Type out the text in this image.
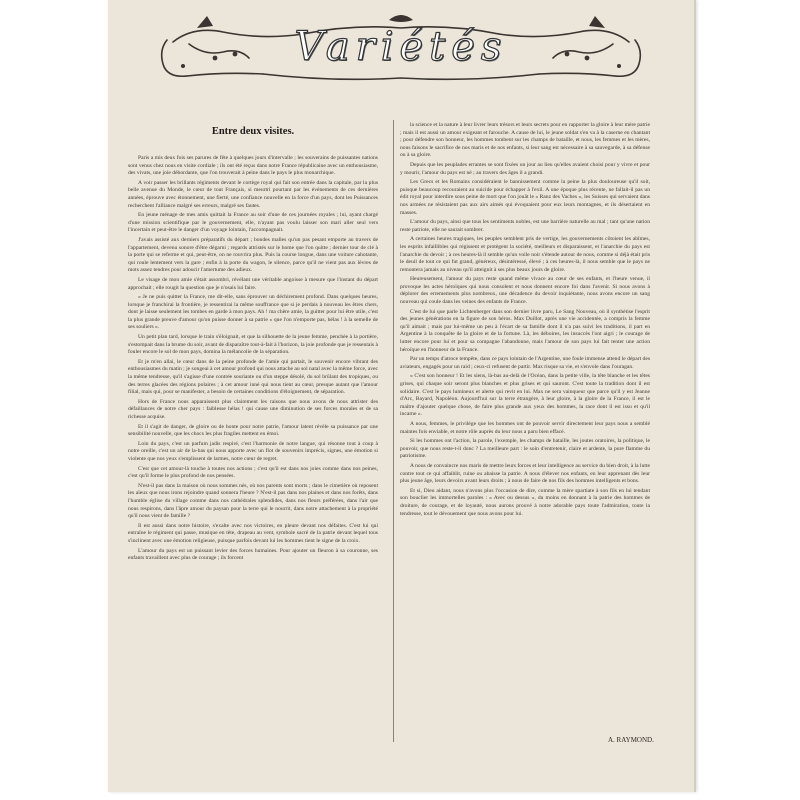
Variétés
Entre deux visites.

Paris a mis deux fois ses parures de fête à quelques jours d'intervalle ; les souverains de puissantes nations sont venus chez nous en visite cordiale ; ils ont été reçus dans notre France républicaine avec un enthousiasme, des vivats, une joie débordante, que l'on trouverait à peine dans le pays le plus monarchique.

A voir passer les brillants régiments devant le cortège royal qui fait son entrée dans la capitale, par la plus belle avenue du Monde, le cœur de tout Français, si meurtri pourtant par les événements de ces dernières années, éprouve avec étonnement, une fierté, une confiance nouvelle en la force d'un pays, dont les Puissances recherchent l'alliance malgré ses erreurs, malgré ses fautes.

En jeune ménage de mes amis quittait la France au soir d'une de ces journées royales ; lui, ayant chargé d'une mission scientifique par le gouvernement, elle, n'ayant pas voulu laisser son mari aller seul vers l'incertain et peut-être le danger d'un voyage lointain, l'accompagnait.

J'avais assisté aux derniers préparatifs du départ ; bondes malles qu'un pas pesant emporte au travers de l'appartement, devenu sonore d'être dégarni ; regards attristés sur le home que l'on quitte ; dernier tour de clé à la porte qui se referme et qui, peut-être, on ne rouvrira plus. Puis la course longue, dans une voiture cahotante, qui roule lentement vers la gare ; enfin à la porte du wagon, le silence, parce qu'il ne vient pas aux lèvres de mots assez tendres pour adoucir l'amertume des adieux.

Le visage de mon amie s'était assombri, révélant une véritable angoisse à mesure que l'instant du départ approchait ; elle rougit la question que je n'osais lui faire.

« Je ne puis quitter la France, me dit-elle, sans éprouver un déchirement profond. Dans quelques heures, lorsque je franchirai la frontière, je ressentirai la même souffrance que si je perdais à nouveau les êtres chers, dont je laisse seulement les tombes en garde à mon pays. Ah ! ma chère amie, la guitter pour lui être utile, c'est la plus grande preuve d'amour qu'on puisse donner à sa patrie « que l'on n'emporte pas, hélas ! à la semelle de ses souliers ».

Un petit plan tard, lorsque le train s'éloignait, et que la silhouette de la jeune femme, penchée à la portière, s'estompait dans la brume du soir, avant de disparaître tout-à-fait à l'horizon, la joie profonde que je ressentais à fouler encore le sol de mon pays, domina la mélancolie de la séparation.

Et je m'en allai, le cœur dans de la peine profonde de l'amie qui partait, le souvenir encore vibrant des enthousiasmes du matin ; je songeai à cet amour profond qui nous attache au sol natal avec la même force, avec la même tendresse, qu'il s'agisse d'une contrée souriante ou d'un steppe désolé, du sol brûlant des tropiques, ou des terres glacées des régions polaires ; à cet amour inné qui nous tient au cœur, presque autant que l'amour filial, mais qui, pour se manifester, a besoin de certaines conditions d'éloignement, de séparation.

Hors de France nous apparaissent plus clairement les raisons que nous avons de nous attrister des défaillances de notre cher pays : faiblesse hélas ! qui cause une diminution de ses forces morales et de sa richesse acquise.

Et il s'agit de danger, de gloire ou de honte pour notre patrie, l'amour latent révèle sa puissance par une sensibilité nouvelle, que les chocs les plus fragiles mettent en émoi.

Loin du pays, c'est un parfum jadis respiré, c'est l'harmonie de notre langue, qui résonne tout à coup à notre oreille, c'est un air de la-bas qui nous apporte avec un flot de souvenirs imprécis, signes, une émotion si violente que nos yeux s'emplissent de larmes, notre cœur de regret.

C'est que cet amour-là touche à toutes nos actions ; c'est qu'il est dans nos joies comme dans nos peines, c'est qu'il forme le plus profond de nos pensées.

N'est-il pas dans la maison où nous sommes nés, où nos parents sont morts ; dans le cimetière où reposent les aïeux que nous irons rejoindre quand sonnera l'heure ? N'est-il pas dans nos plaines et dans nos forêts, dans l'humble église du village comme dans nos cathédrales splendides, dans nos fleurs préférées, dans l'air que nous respirons, dans l'âpre amour du paysan pour la terre qui le nourrit, dans notre attachement à la propriété qu'il nous vient de famille ?

Il est aussi dans notre histoire, s'exalte avec nos victoires, en pleure devant nos défaites. C'est lui qui entraîne le régiment qui passe, musique en tête, drapeau au vent, symbole sacré de la patrie devant lequel tous s'inclinent avec une émotion religieuse, puisque parfois devant lui les hommes tient le signe de la croix.

L'amour du pays est un puissant levier des forces humaines. Pour ajouter un fleuron à sa couronne, ses enfants travaillent avec plus de courage ; ils forcent

la science et la nature à leur livrer leurs trésors et leurs secrets pour en rapporter la gloire à leur mère patrie ; mais il est aussi un amour exigeant et farouche. A cause de lui, le jeune soldat s'en va à la caserne en chantant ; pour défendre son honneur, les hommes tombent sur les champs de bataille, et nous, les femmes et les mères, nous faisons le sacrifice de nos maris et de nos enfants, si leur sang est nécessaire à sa sauvegarde, à sa défense ou à sa gloire.

Depuis que les peuplades errantes se sont fixées un jour au lieu qu'elles avaient choisi pour y vivre et pour y mourir, l'amour du pays est né ; au travers des âges il a grandi.

Les Grecs et les Romains considéraient le bannissement comme la peine la plus douloureuse qu'il soit, puisque beaucoup recouraient au suicide pour échapper à l'exil. A une époque plus récente, ne fallait-il pas un édit royal pour interdire sous peine de mort que l'on jouât le « Ranz des Vaches », les Suisses qui servaient dans nos armées ne résistaient pas aux airs aimés qui évoquaient pour eux leurs montagnes, et ils désertaient en masses.

L'amour du pays, ainsi que tous les sentiments nobles, est une barrière naturelle au mal ; tant qu'une nation reste patriote, elle ne saurait sombrer.

A certaines heures tragiques, les peuples semblent pris de vertige, les gouvernements côtoient les abîmes, les esprits infaillibles qui régissent et protègent la société, meilleurs et disparaissent, et l'anarchie du pays est l'anarchie du devoir ; à ces heures-là il semble qu'un voile noir s'étende autour de nous, comme si déjà était pris le deuil de tout ce qui fut grand, généreux, désintéressé, élevé ; à ces heures-là, il nous semble que le pays ne remontera jamais au niveau qu'il atteignit à ses plus beaux jours de gloire.

Heureusement, l'amour du pays reste quand même vivace au cœur de ses enfants, et l'heure venue, il provoque les actes héroïques qui nous consolent et nous donnent encore foi dans l'avenir. Si nous avons à déplorer des erremements plus nombreux, une décadence du devoir inquiétante, nous avons encore un sang nouveau qui coule dans les veines des enfants de France.

C'est de lui que parle Lichtenberger dans son dernier livre paru, Le Sang Nouveau, où il synthétise l'esprit des jeunes générations en la figure de son héros. Max Duillot, après une vie accidentée, a compris la femme qu'il aimait ; mais par lui-même un peu à l'écart de sa famille dont il n'a pas suivi les traditions, il part en Argentine à la conquête de la gloire et de la fortune. Là, les déboires, les insuccès l'ont aigri ; le courage de lutter encore pour lui et pour sa compagne l'abandonne, mais l'amour de son pays lui fait tenter une action héroïque en l'honneur de la France.

Par un temps d'atroce tempête, dans ce pays lointain de l'Argentine, une foule immense attend le départ des aviateurs, engagés pour un raid ; ceux-ci refusent de partir. Max risque sa vie, et s'envole dans l'ouragan.

« C'est son honneur ! Et les siens, là-bas au-delà de l'Océan, dans la petite ville, la tête blanche et les têtes grises, qui chaque soir seront plus blanches et plus grises et qui sauront. C'est toute la tradition dont il est solidaire. C'est le pays lumineux et alerte qui revit en lui. Max ne sera vainqueur que parce qu'il y est Jeanne d'Arc, Bayard, Napoléon. Aujourd'hui sur la terre étrangère, à leur gloire, à la gloire de la France, il est le maître d'ajouter quelque chose, de faire plus grande aux yeux des hommes, la race dont il est issu et qu'il incarne ».

A nous, femmes, le privilège que les hommes ont de pouvoir servir directement leur pays nous a semblé maintes fois enviable, et notre rôle auprès du leur nous a paru bien effacé.

Si les hommes ont l'action, la parole, l'exemple, les champs de bataille, les joutes oratoires, la politique, le pouvoir, que nous reste-t-il donc ? La meilleure part : le soin d'entretenir, claire et ardente, la pure flamme du patriotisme.

A nous de convaincre nos maris de mettre leurs forces et leur intelligence au service du bien droit, à la lutte contre tout ce qui affaiblit, ruine ou abaisse la patrie. A nous d'élever nos enfants, en leur apprenant dès leur plus jeune âge, leurs devoirs avant leurs droits ; à nous de faire de nos fils des hommes intelligents et bons.

Et si, Dieu aidant, nous n'avons plus l'occasion de dire, comme la mère spartiate à son fils en lui tendant son bouclier les immortelles paroles : « Avec ou dessus », du moins en donnant à la patrie des hommes de droiture, de courage, et de loyauté, nous aurons prouvé à notre adorable pays toute l'admiration, toute la tendresse, tout le dévouement que nous avons pour lui.

A. RAYMOND.
